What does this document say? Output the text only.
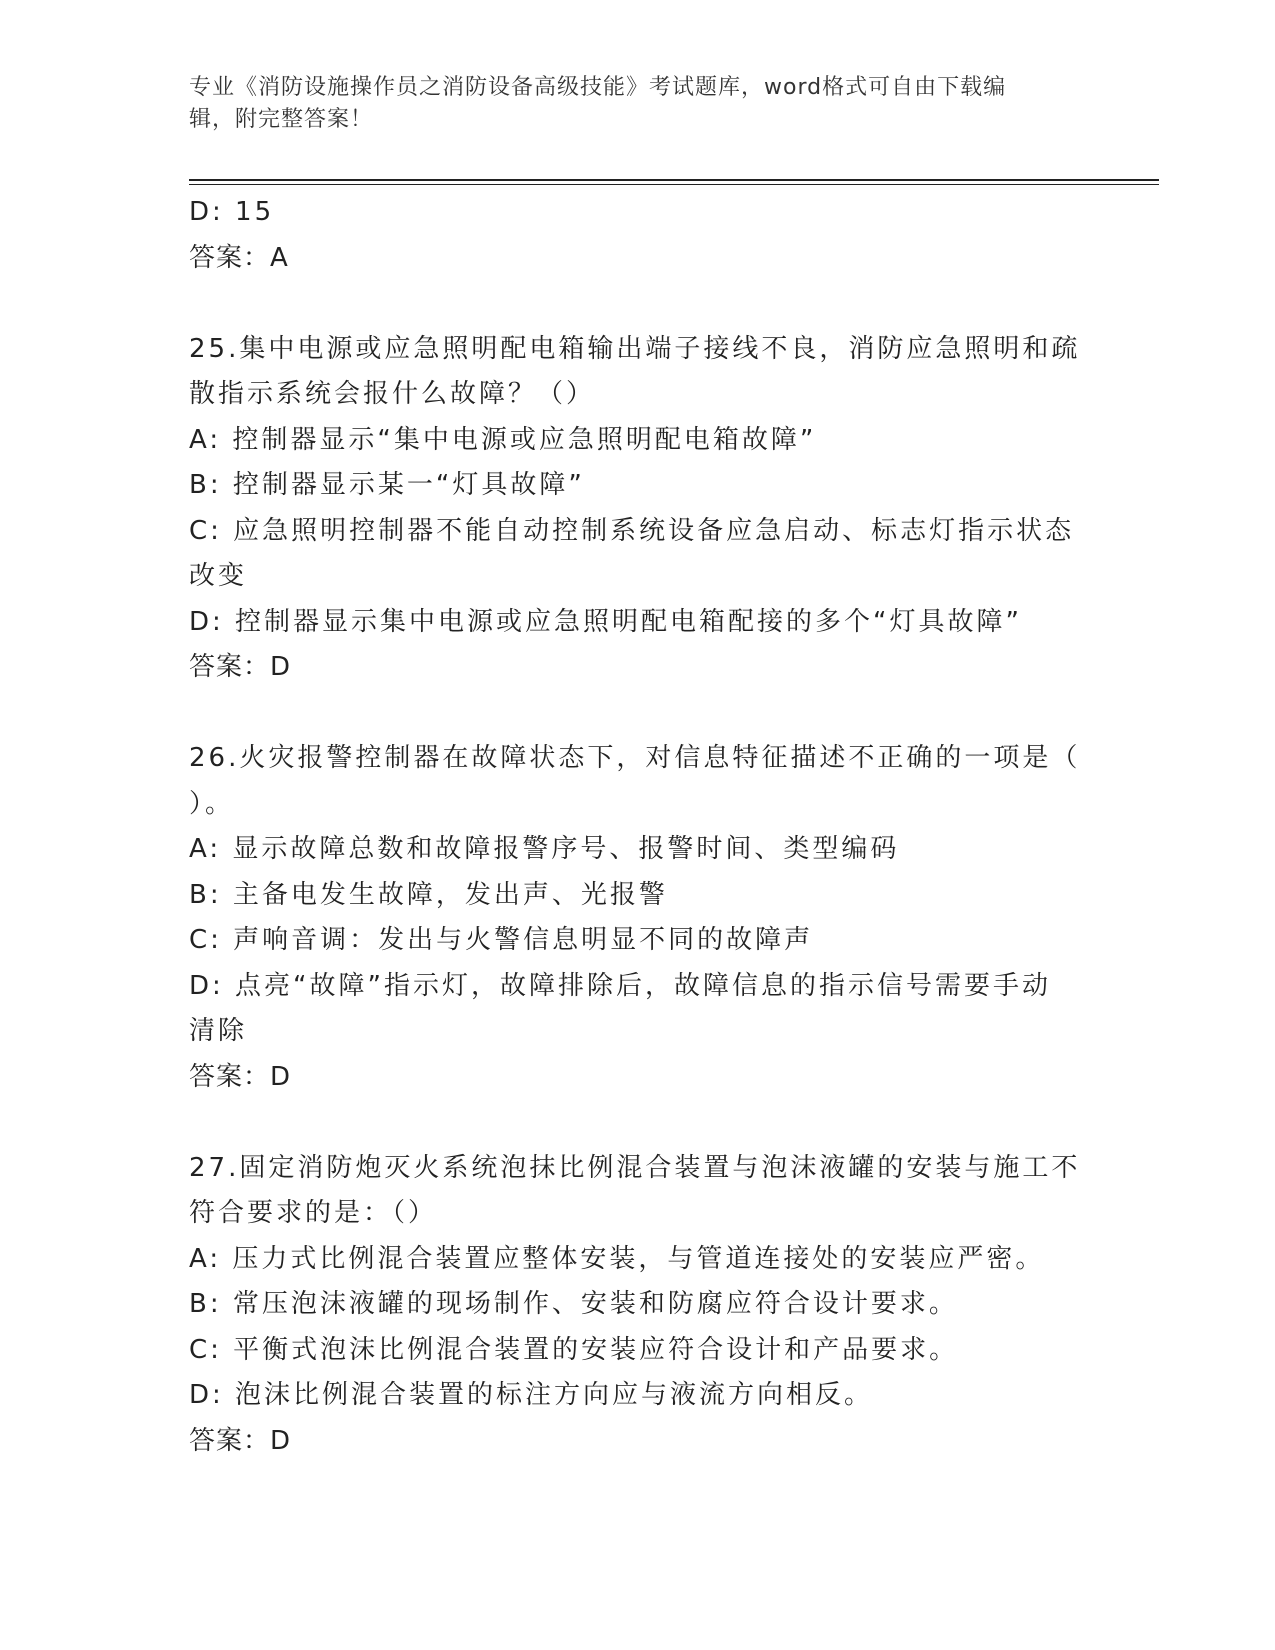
专业《消防设施操作员之消防设备高级技能》考试题库，word格式可自由下载编
辑，附完整答案！
D: 15
答案：A
25.集中电源或应急照明配电箱输出端子接线不良，消防应急照明和疏
散指示系统会报什么故障？（）
A: 控制器显示“集中电源或应急照明配电箱故障”
B: 控制器显示某一“灯具故障”
C: 应急照明控制器不能自动控制系统设备应急启动、标志灯指示状态
改变
D: 控制器显示集中电源或应急照明配电箱配接的多个“灯具故障”
答案：D
26.火灾报警控制器在故障状态下，对信息特征描述不正确的一项是（
）。
A: 显示故障总数和故障报警序号、报警时间、类型编码
B: 主备电发生故障，发出声、光报警
C: 声响音调：发出与火警信息明显不同的故障声
D: 点亮“故障”指示灯，故障排除后，故障信息的指示信号需要手动
清除
答案：D
27.固定消防炮灭火系统泡抹比例混合装置与泡沫液罐的安装与施工不
符合要求的是：（）
A: 压力式比例混合装置应整体安装，与管道连接处的安装应严密。
B: 常压泡沫液罐的现场制作、安装和防腐应符合设计要求。
C: 平衡式泡沫比例混合装置的安装应符合设计和产品要求。
D: 泡沫比例混合装置的标注方向应与液流方向相反。
答案：D
